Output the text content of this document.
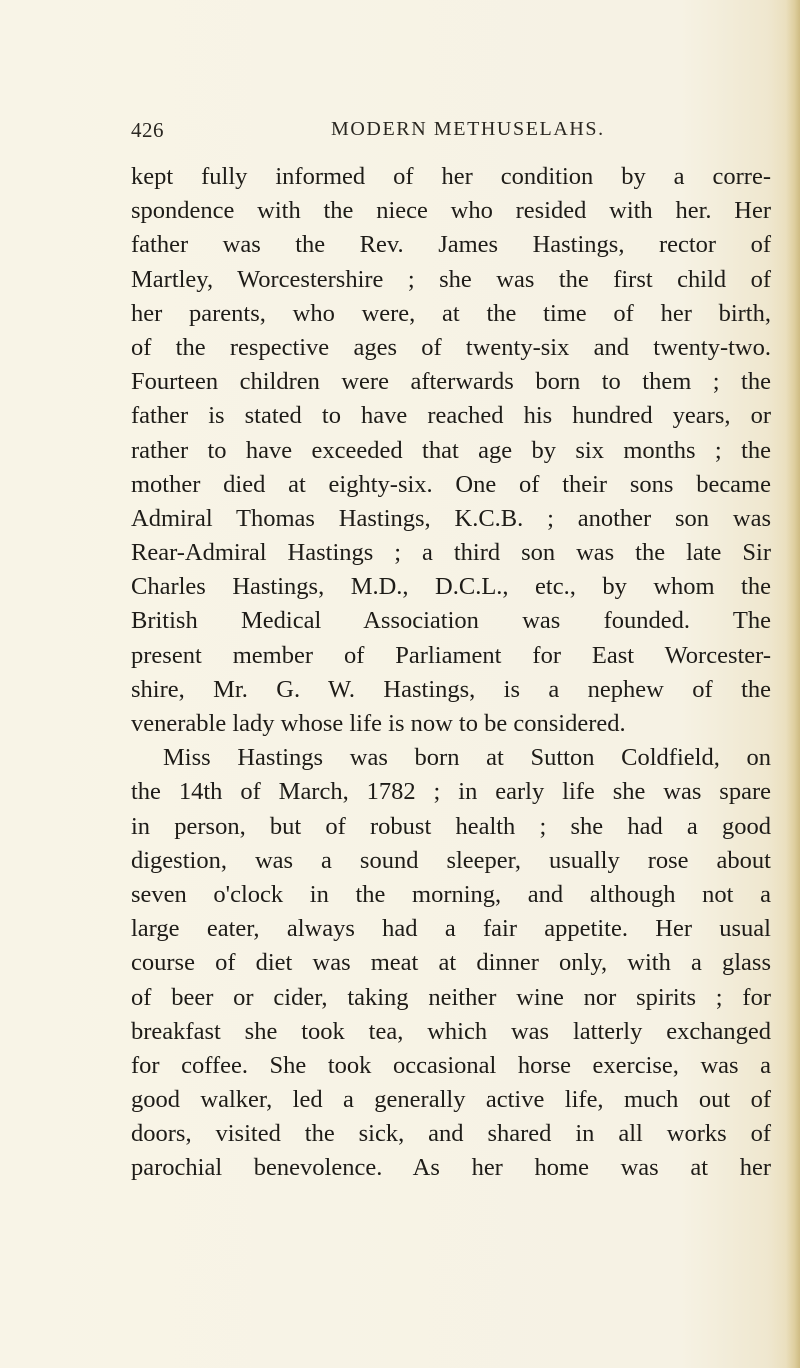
426	MODERN METHUSELAHS.
kept fully informed of her condition by a corre-
spondence with the niece who resided with her. Her
father was the Rev. James Hastings, rector of
Martley, Worcestershire ; she was the first child of
her parents, who were, at the time of her birth,
of the respective ages of twenty-six and twenty-two.
Fourteen children were afterwards born to them ; the
father is stated to have reached his hundred years, or
rather to have exceeded that age by six months ; the
mother died at eighty-six. One of their sons became
Admiral Thomas Hastings, K.C.B. ; another son was
Rear-Admiral Hastings ; a third son was the late Sir
Charles Hastings, M.D., D.C.L., etc., by whom the
British Medical Association was founded. The
present member of Parliament for East Worcester-
shire, Mr. G. W. Hastings, is a nephew of the
venerable lady whose life is now to be considered.
Miss Hastings was born at Sutton Coldfield, on
the 14th of March, 1782 ; in early life she was spare
in person, but of robust health ; she had a good
digestion, was a sound sleeper, usually rose about
seven o'clock in the morning, and although not a
large eater, always had a fair appetite. Her usual
course of diet was meat at dinner only, with a glass
of beer or cider, taking neither wine nor spirits ; for
breakfast she took tea, which was latterly exchanged
for coffee. She took occasional horse exercise, was a
good walker, led a generally active life, much out of
doors, visited the sick, and shared in all works of
parochial benevolence. As her home was at her
